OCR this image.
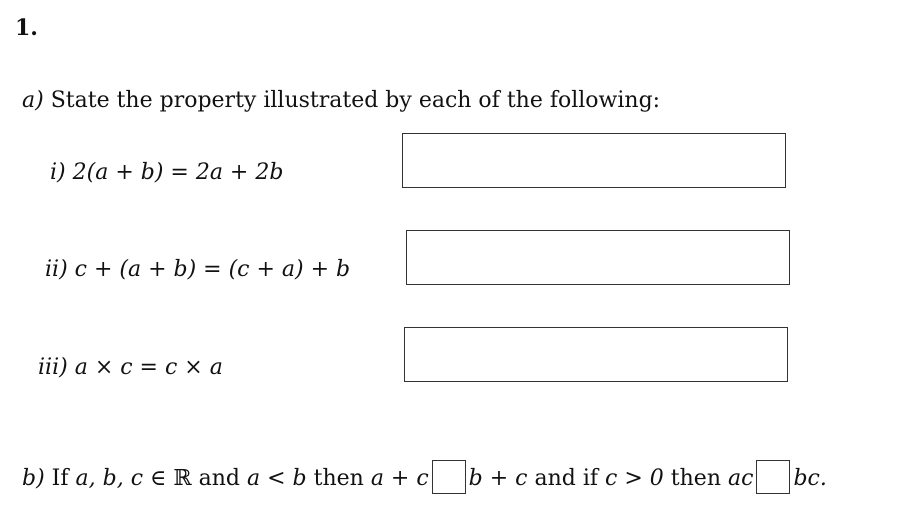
1.
a) State the property illustrated by each of the following:
i) 2(a + b) = 2a + 2b
ii) c + (a + b) = (c + a) + b
iii) a × c = c × a
b) If a, b, c ∈ ℝ and a < b then a + c b + c and if c > 0 then ac bc.
